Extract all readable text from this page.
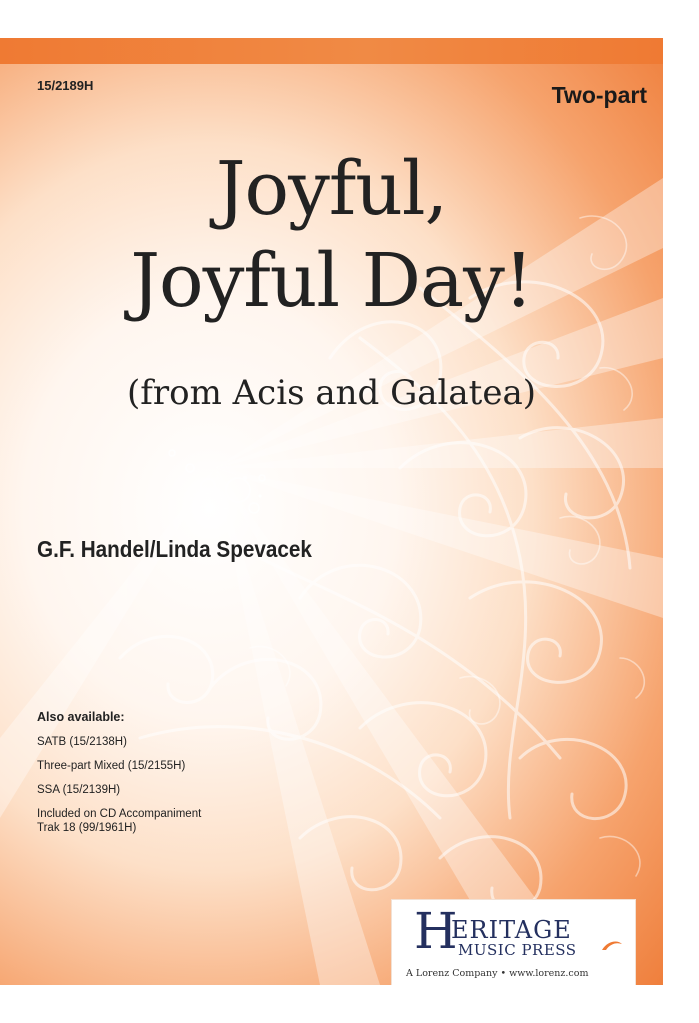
15/2189H	Two-part
Joyful,
Joyful Day!
(from Acis and Galatea)
G.F. Handel/Linda Spevacek
Also available:
SATB (15/2138H)
Three-part Mixed (15/2155H)
SSA (15/2139H)
Included on CD Accompaniment
Trak 18 (99/1961H)
H
ERITAGE
MUSIC PRESS
A Lorenz Company • www.lorenz.com
